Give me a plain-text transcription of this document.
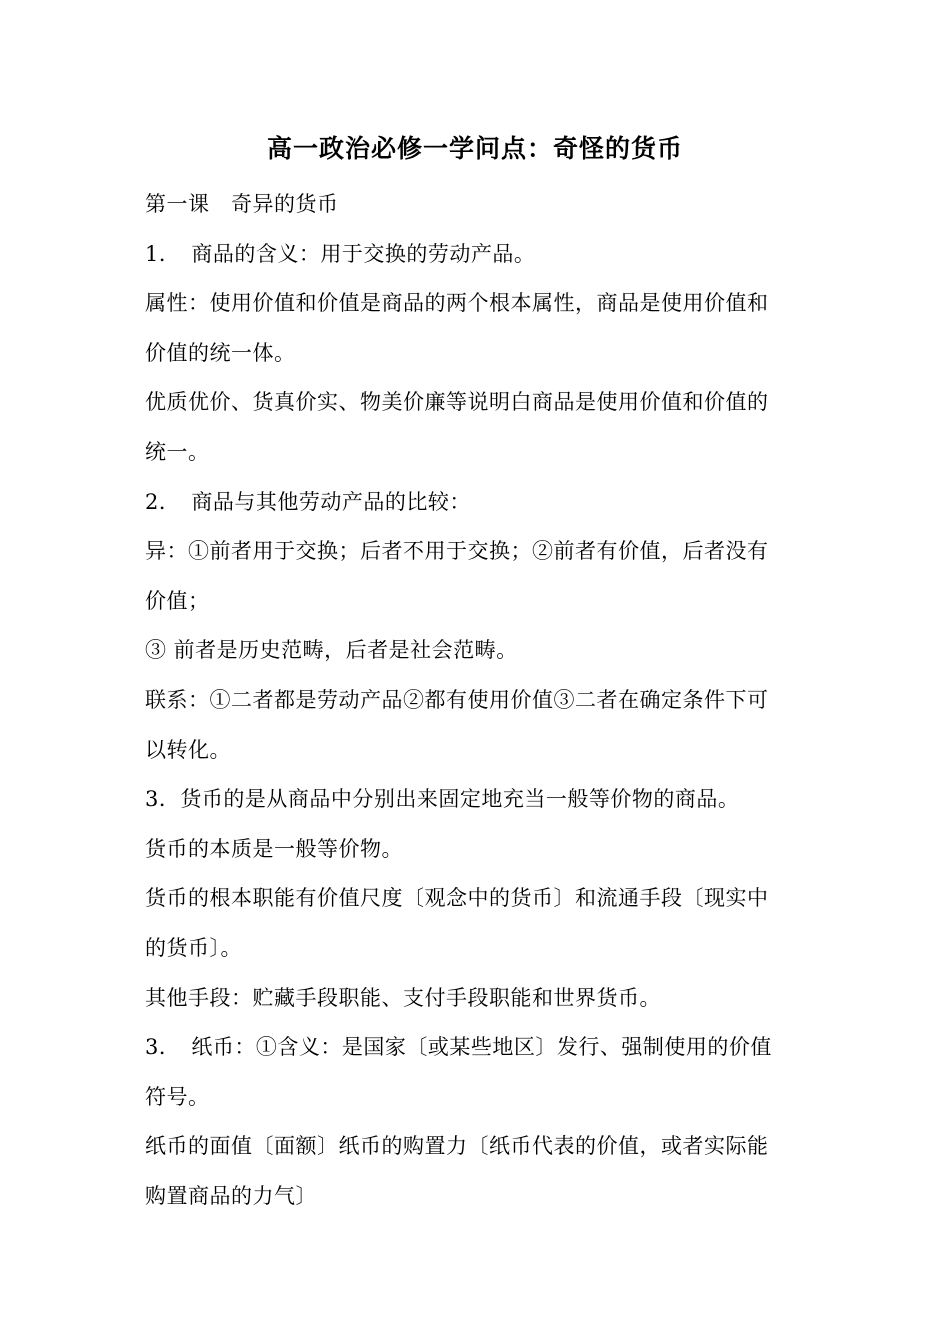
高一政治必修一学问点：奇怪的货币

第一课　奇异的货币

1．　商品的含义：用于交换的劳动产品。

属性：使用价值和价值是商品的两个根本属性，商品是使用价值和

价值的统一体。

优质优价、货真价实、物美价廉等说明白商品是使用价值和价值的

统一。

2．　商品与其他劳动产品的比较：

异：①前者用于交换；后者不用于交换；②前者有价值，后者没有

价值；

③ 前者是历史范畴，后者是社会范畴。

联系：①二者都是劳动产品②都有使用价值③二者在确定条件下可

以转化。

3．货币的是从商品中分别出来固定地充当一般等价物的商品。

货币的本质是一般等价物。

货币的根本职能有价值尺度〔观念中的货币〕和流通手段〔现实中

的货币〕。

其他手段：贮藏手段职能、支付手段职能和世界货币。

3．　纸币：①含义：是国家〔或某些地区〕发行、强制使用的价值

符号。

纸币的面值〔面额〕纸币的购置力〔纸币代表的价值，或者实际能

购置商品的力气〕
